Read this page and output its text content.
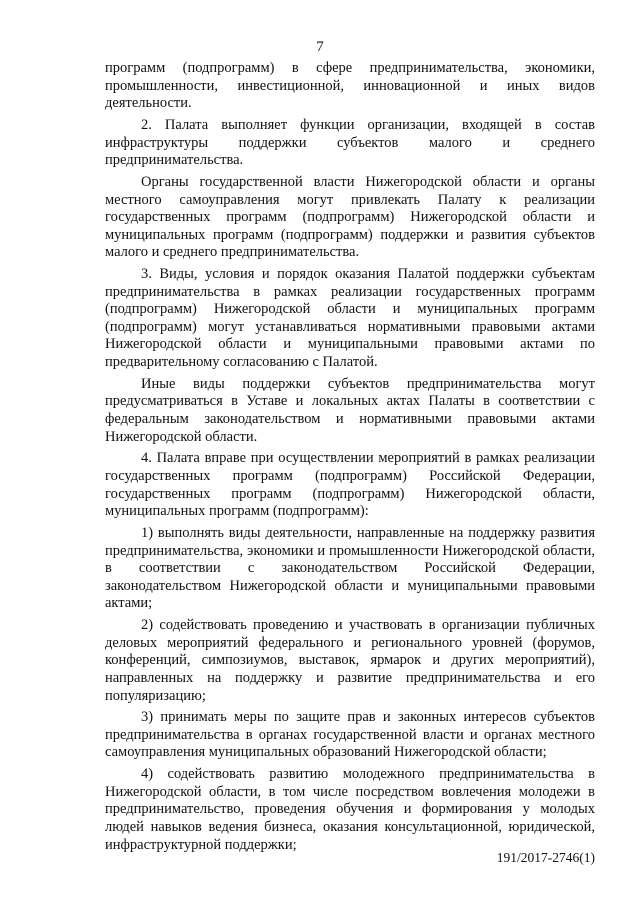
7

программ (подпрограмм) в сфере предпринимательства, экономики, промышленности, инвестиционной, инновационной и иных видов деятельности.

2. Палата выполняет функции организации, входящей в состав инфраструктуры поддержки субъектов малого и среднего предпринимательства.

Органы государственной власти Нижегородской области и органы местного самоуправления могут привлекать Палату к реализации государственных программ (подпрограмм) Нижегородской области и муниципальных программ (подпрограмм) поддержки и развития субъектов малого и среднего предпринимательства.

3. Виды, условия и порядок оказания Палатой поддержки субъектам предпринимательства в рамках реализации государственных программ (подпрограмм) Нижегородской области и муниципальных программ (подпрограмм) могут устанавливаться нормативными правовыми актами Нижегородской области и муниципальными правовыми актами по предварительному согласованию с Палатой.

Иные виды поддержки субъектов предпринимательства могут предусматриваться в Уставе и локальных актах Палаты в соответствии с федеральным законодательством и нормативными правовыми актами Нижегородской области.

4. Палата вправе при осуществлении мероприятий в рамках реализации государственных программ (подпрограмм) Российской Федерации, государственных программ (подпрограмм) Нижегородской области, муниципальных программ (подпрограмм):

1) выполнять виды деятельности, направленные на поддержку развития предпринимательства, экономики и промышленности Нижегородской области, в соответствии с законодательством Российской Федерации, законодательством Нижегородской области и муниципальными правовыми актами;

2) содействовать проведению и участвовать в организации публичных деловых мероприятий федерального и регионального уровней (форумов, конференций, симпозиумов, выставок, ярмарок и других мероприятий), направленных на поддержку и развитие предпринимательства и его популяризацию;

3) принимать меры по защите прав и законных интересов субъектов предпринимательства в органах государственной власти и органах местного самоуправления муниципальных образований Нижегородской области;

4) содействовать развитию молодежного предпринимательства в Нижегородской области, в том числе посредством вовлечения молодежи в предпринимательство, проведения обучения и формирования у молодых людей навыков ведения бизнеса, оказания консультационной, юридической, инфраструктурной поддержки;

191/2017-2746(1)
